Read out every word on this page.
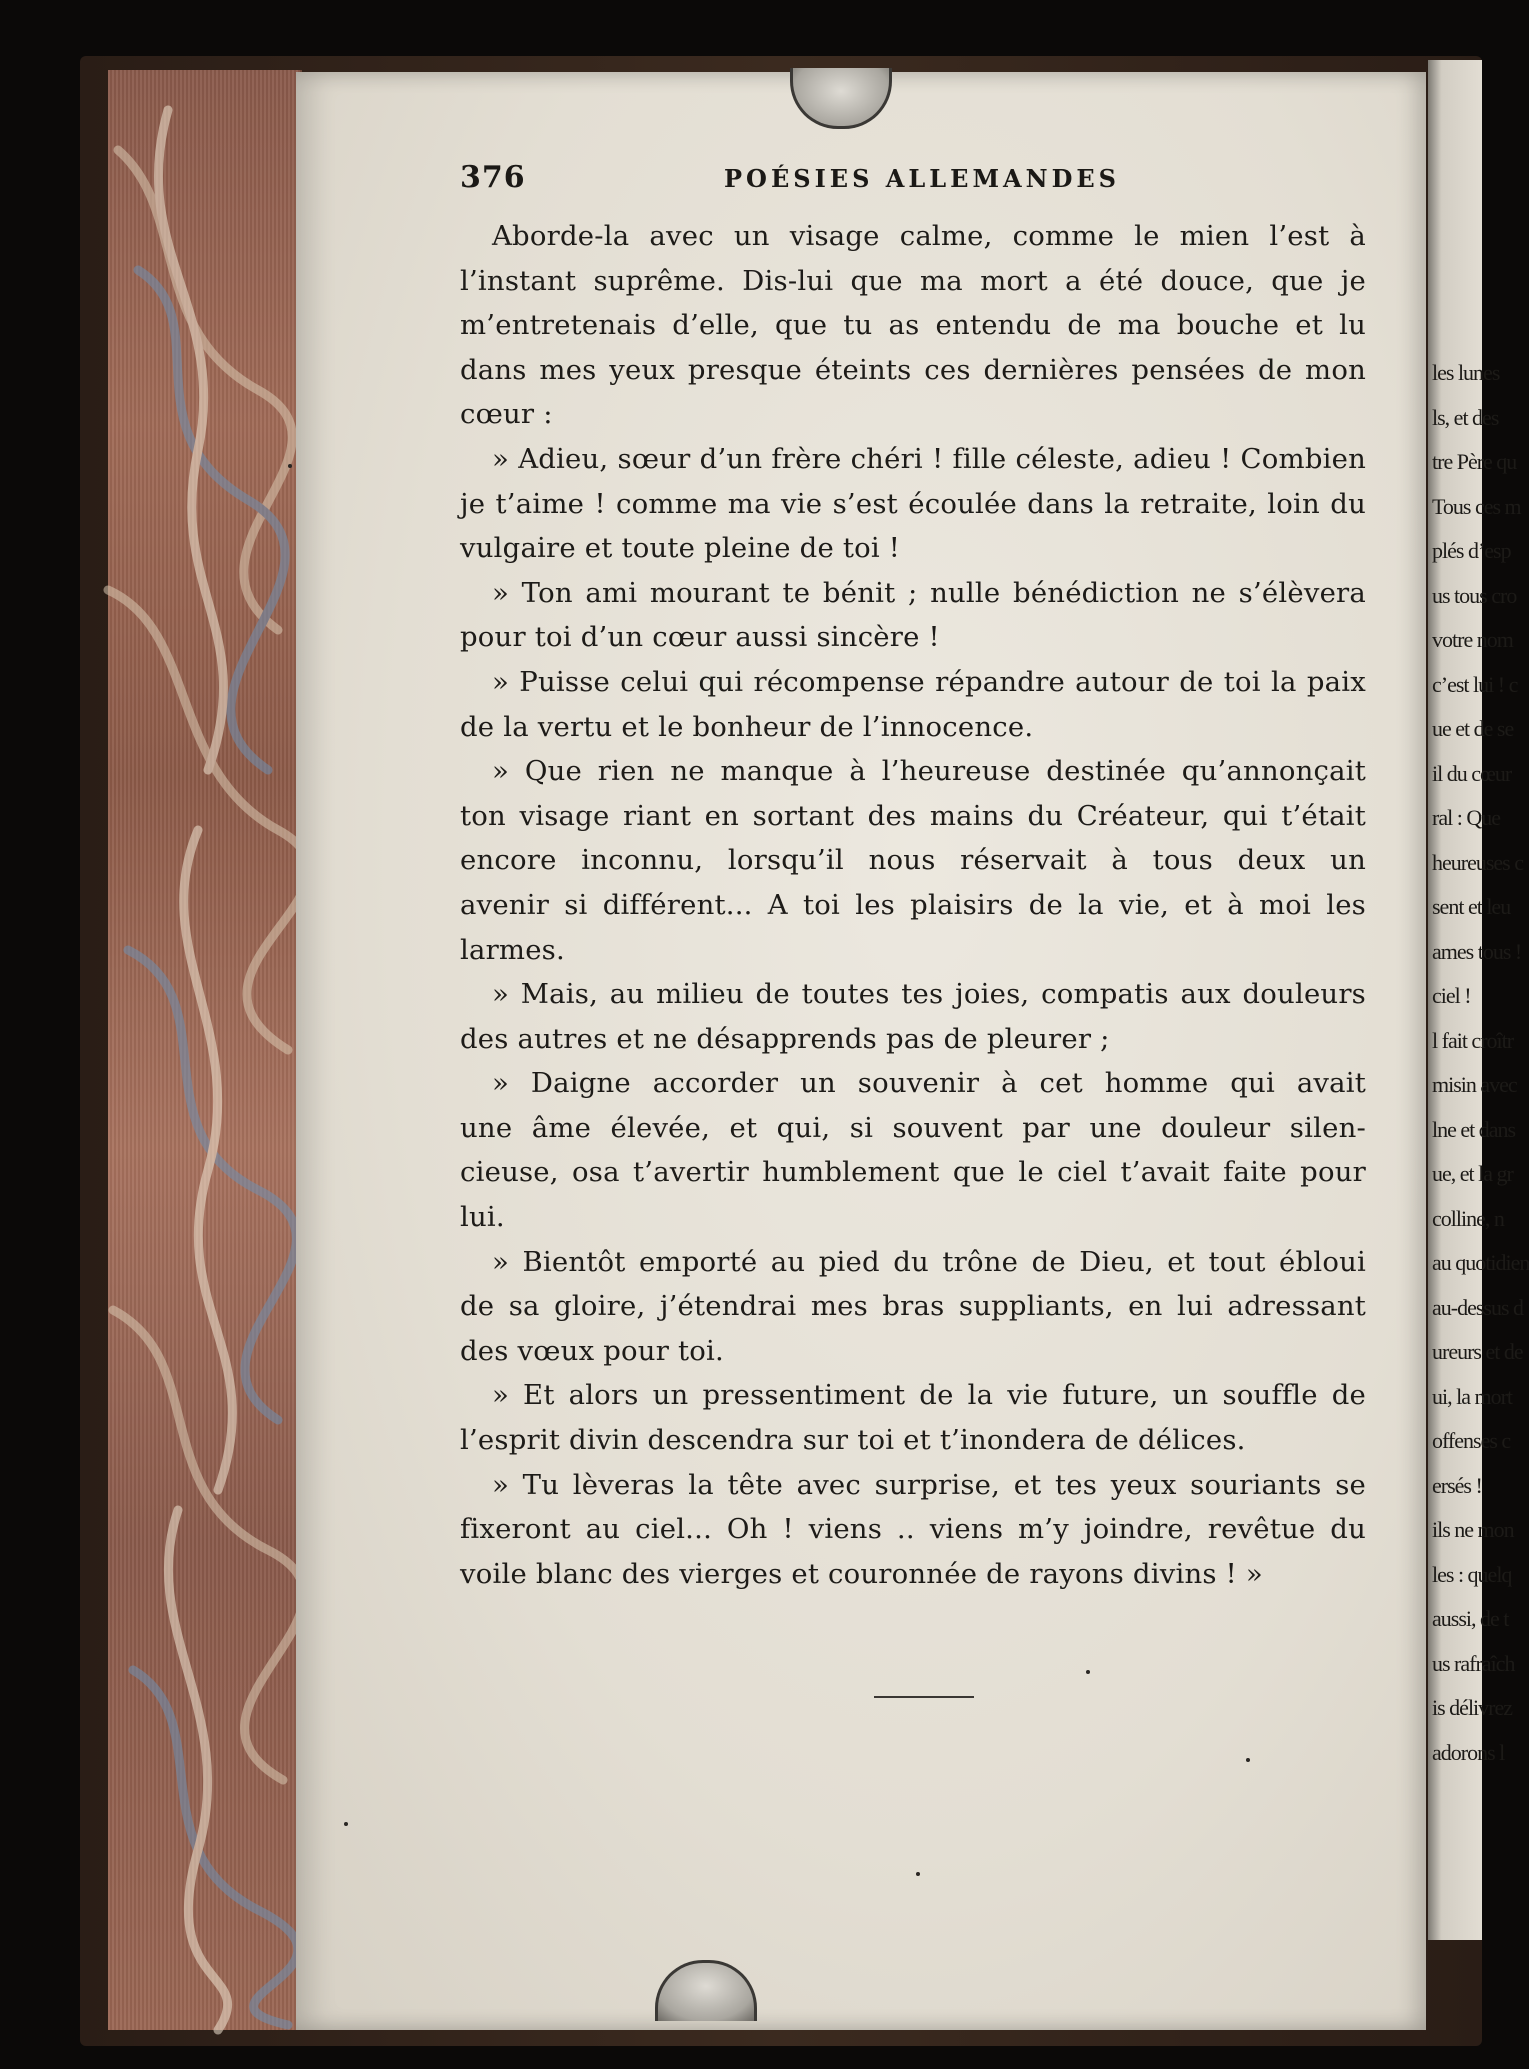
les lunes
ls, et des
tre Père qu
Tous ces m
plés d’esp
us tous cro
votre nom
c’est lui ! c
ue et de se
il du cœur
ral : Que
heureuses c
sent et leu
ames tous !
ciel !
l fait croîtr
misin avec
lne et dans
ue, et la gr
colline, n
au quotidien
au-dessus d
ureurs et de
ui, la mort
offenses c
ersés !
ils ne mon
les : quelq
aussi, de t
us rafraîch
is délivrez
adorons l
376	POÉSIES ALLEMANDES
Aborde-la avec un visage calme, comme le mien l’est à
l’instant suprême. Dis-lui que ma mort a été douce, que je
m’entretenais d’elle, que tu as entendu de ma bouche et lu
dans mes yeux presque éteints ces dernières pensées de mon
cœur :
» Adieu, sœur d’un frère chéri ! fille céleste, adieu ! Combien
je t’aime ! comme ma vie s’est écoulée dans la retraite, loin du
vulgaire et toute pleine de toi !
» Ton ami mourant te bénit ; nulle bénédiction ne s’élèvera
pour toi d’un cœur aussi sincère !
» Puisse celui qui récompense répandre autour de toi la paix
de la vertu et le bonheur de l’innocence.
» Que rien ne manque à l’heureuse destinée qu’annonçait
ton visage riant en sortant des mains du Créateur, qui t’était
encore inconnu, lorsqu’il nous réservait à tous deux un
avenir si différent... A toi les plaisirs de la vie, et à moi les
larmes.
» Mais, au milieu de toutes tes joies, compatis aux douleurs
des autres et ne désapprends pas de pleurer ;
» Daigne accorder un souvenir à cet homme qui avait
une âme élevée, et qui, si souvent par une douleur silen-
cieuse, osa t’avertir humblement que le ciel t’avait faite pour
lui.
» Bientôt emporté au pied du trône de Dieu, et tout ébloui
de sa gloire, j’étendrai mes bras suppliants, en lui adressant
des vœux pour toi.
» Et alors un pressentiment de la vie future, un souffle de
l’esprit divin descendra sur toi et t’inondera de délices.
» Tu lèveras la tête avec surprise, et tes yeux souriants se
fixeront au ciel... Oh ! viens .. viens m’y joindre, revêtue du
voile blanc des vierges et couronnée de rayons divins ! »
